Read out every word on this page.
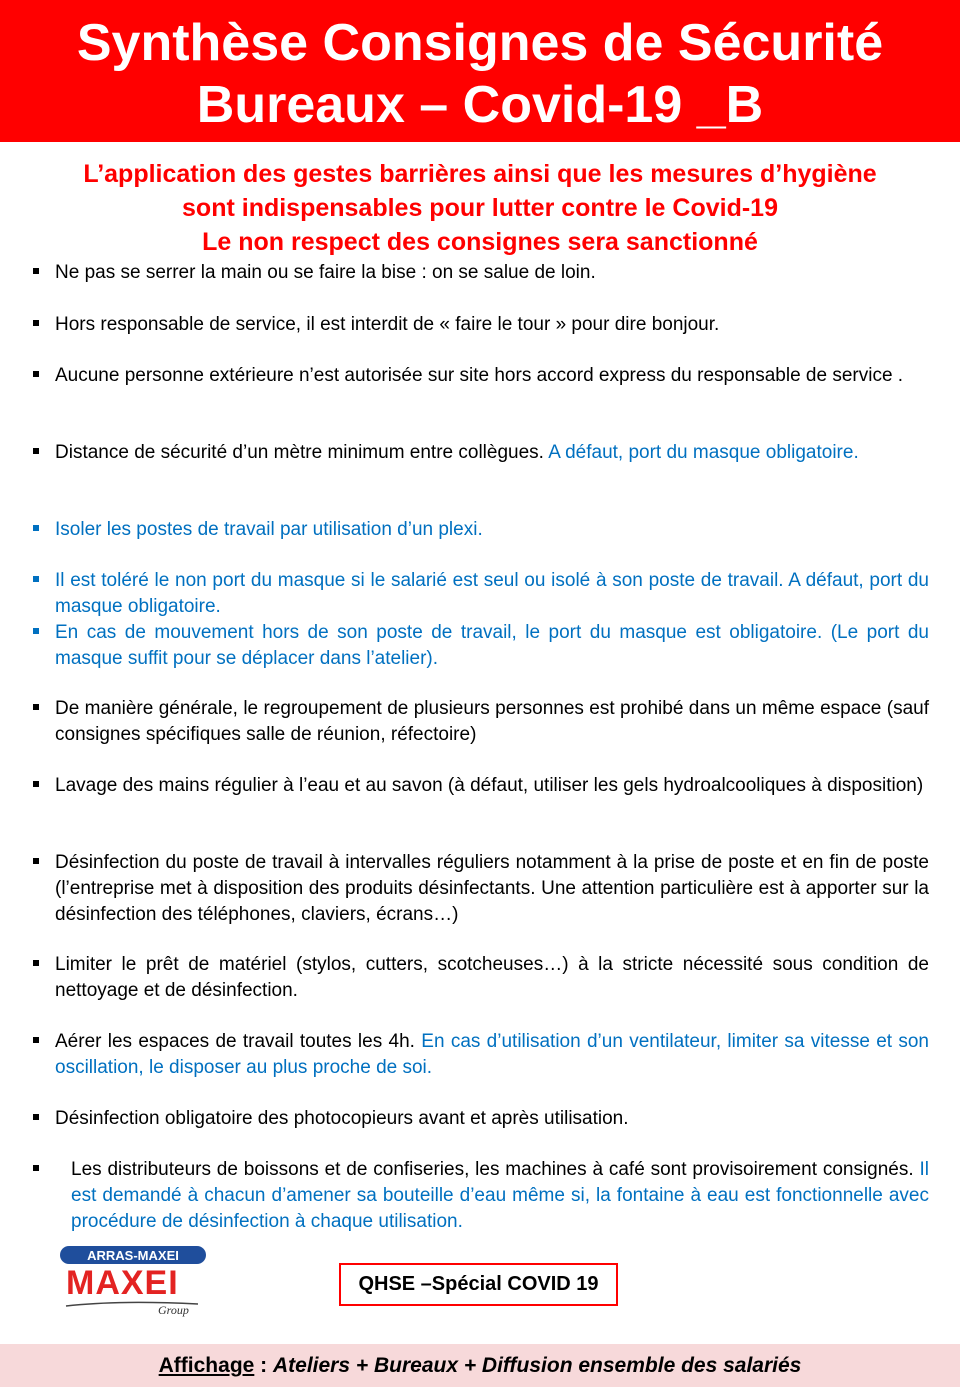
Synthèse Consignes de Sécurité
Bureaux – Covid-19 _B
L’application des gestes barrières ainsi que les mesures d’hygiène
sont indispensables pour lutter contre le Covid-19
Le non respect des consignes sera sanctionné
Ne pas se serrer la main ou se faire la bise : on se salue de loin.
Hors responsable de service, il est interdit de « faire le tour » pour dire bonjour.
Aucune personne extérieure n’est autorisée sur site hors accord express du responsable de service .
Distance de sécurité d’un mètre minimum entre collègues. A défaut, port du masque obligatoire.
Isoler les postes de travail par utilisation d’un plexi.
Il est toléré le non port du masque si le salarié est seul ou isolé à son poste de travail. A défaut, port du masque obligatoire.
En cas de mouvement hors de son poste de travail, le port du masque est obligatoire. (Le port du masque suffit pour se déplacer dans l’atelier).
De manière générale, le regroupement de plusieurs personnes est prohibé dans un même espace (sauf consignes spécifiques salle de réunion, réfectoire)
Lavage des mains régulier à l’eau et au savon (à défaut, utiliser les gels hydroalcooliques à disposition)
Désinfection du poste de travail à intervalles réguliers notamment à la prise de poste et en fin de poste (l’entreprise met à disposition des produits désinfectants. Une attention particulière est à apporter sur la désinfection des téléphones, claviers, écrans…)
Limiter le prêt de matériel (stylos, cutters, scotcheuses…) à la stricte nécessité sous condition de nettoyage et de désinfection.
Aérer les espaces de travail toutes les 4h. En cas d’utilisation d’un ventilateur, limiter sa vitesse et son oscillation, le disposer au plus proche de soi.
Désinfection obligatoire des photocopieurs avant et après utilisation.
Les distributeurs de boissons et de confiseries, les machines à café sont provisoirement consignés. Il est demandé à chacun d’amener sa bouteille d’eau même si, la fontaine à eau est fonctionnelle avec procédure de désinfection à chaque utilisation.
ARRAS-MAXEI
MAXEI
Group
QHSE –Spécial COVID 19
Affichage : Ateliers + Bureaux + Diffusion ensemble des salariés
